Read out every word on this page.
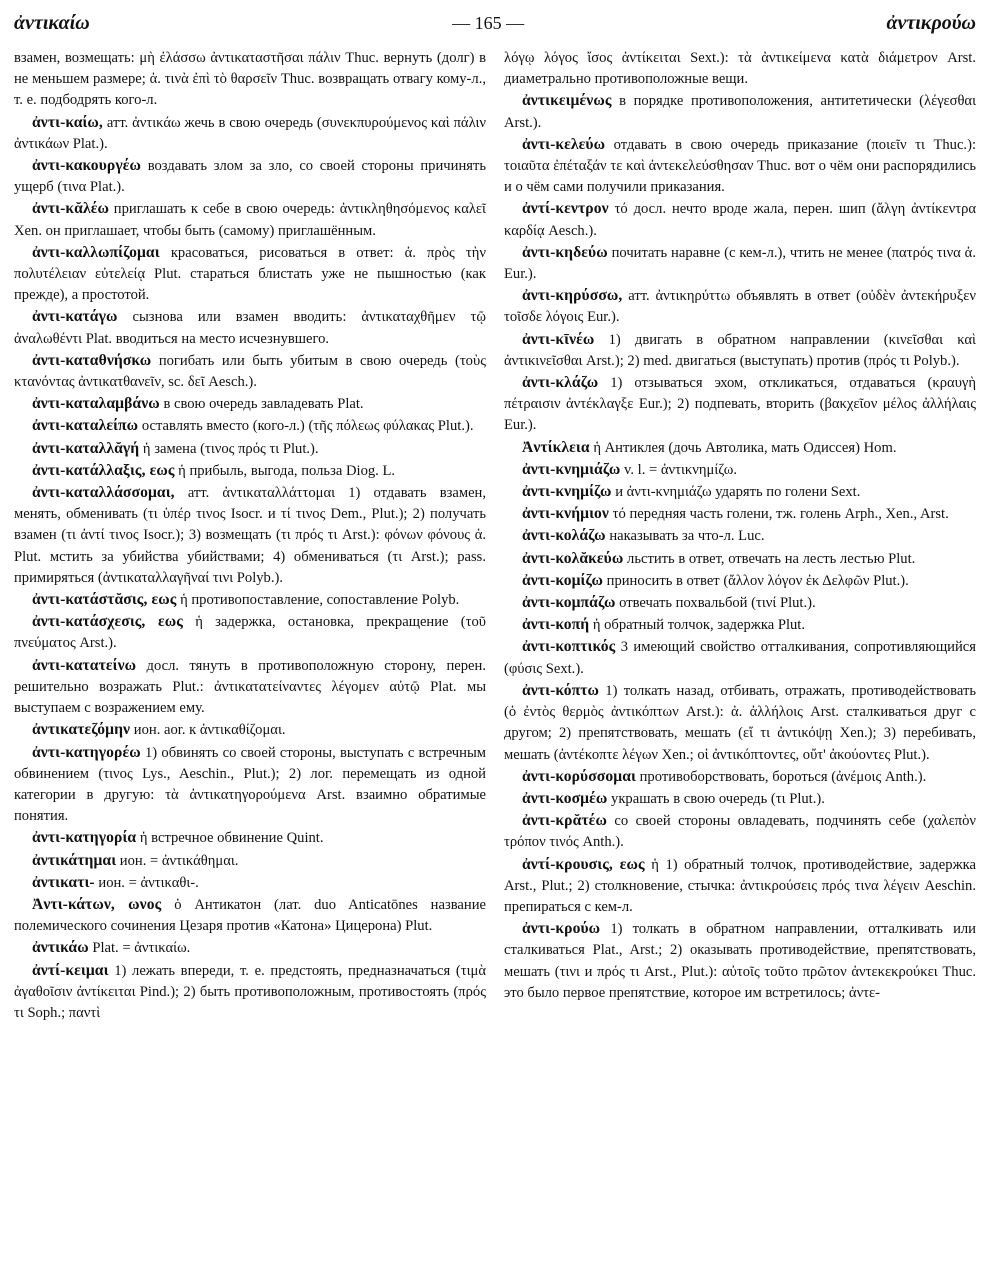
ἀντικαίω	— 165 —	ἀντικρούω

взамен, возмещать: μὴ ἐλάσσω ἀντικαταστῆσαι πάλιν Thuc. вернуть (долг) в не меньшем размере; ἀ. τινὰ ἐπὶ τὸ θαρσεῖν Thuc. возвращать отвагу кому-л., т. е. подбодрять кого-л.

ἀντι-καίω, атт. ἀντικάω жечь в свою очередь (συνεκπυρούμενος καὶ πάλιν ἀντικάων Plat.).

ἀντι-κακουργέω воздавать злом за зло, со своей стороны причинять ущерб (τινα Plat.).

ἀντι-κᾰλέω приглашать к себе в свою очередь: ἀντικληθησόμενος καλεῖ Xen. он приглашает, чтобы быть (самому) приглашённым.

ἀντι-καλλωπίζομαι красоваться, рисоваться в ответ: ἀ. πρὸς τὴν πολυτέλειαν εὐτελείᾳ Plut. стараться блистать уже не пышностью (как прежде), а простотой.

ἀντι-κατάγω сызнова или взамен вводить: ἀντικαταχθῆμεν τῷ ἀναλωθέντι Plat. вводиться на место исчезнувшего.

ἀντι-καταθνήσκω погибать или быть убитым в свою очередь (τοὺς κτανόντας ἀντικατθανεῖν, sc. δεῖ Aesch.).

ἀντι-καταλαμβάνω в свою очередь завладевать Plat.

ἀντι-καταλείπω оставлять вместо (кого-л.) (τῆς πόλεως φύλακας Plut.).

ἀντι-καταλλᾰγή ἡ замена (τινος πρός τι Plut.).

ἀντι-κατάλλαξις, εως ἡ прибыль, выгода, польза Diog. L.

ἀντι-καταλλάσσομαι, атт. ἀντικαταλλάττομαι 1) отдавать взамен, менять, обменивать (τι ὑπέρ τινος Isocr. и τί τινος Dem., Plut.); 2) получать взамен (τι ἀντί τινος Isocr.); 3) возмещать (τι πρός τι Arst.): φόνων φόνους ἀ. Plut. мстить за убийства убийствами; 4) обмениваться (τι Arst.); pass. примиряться (ἀντικαταλλαγῆναί τινι Polyb.).

ἀντι-κατάστᾰσις, εως ἡ противопоставление, сопоставление Polyb.

ἀντι-κατάσχεσις, εως ἡ задержка, остановка, прекращение (τοῦ πνεύματος Arst.).

ἀντι-κατατείνω досл. тянуть в противоположную сторону, перен. решительно возражать Plut.: ἀντικατατείναντες λέγομεν αὐτῷ Plat. мы выступаем с возражением ему.

ἀντικατεζόμην ион. aor. к ἀντικαθίζομαι.

ἀντι-κατηγορέω 1) обвинять со своей стороны, выступать с встречным обвинением (τινος Lys., Aeschin., Plut.); 2) лог. перемещать из одной категории в другую: τὰ ἀντικατηγορούμενα Arst. взаимно обратимые понятия.

ἀντι-κατηγορία ἡ встречное обвинение Quint.

ἀντικάτημαι ион. = ἀντικάθημαι.

ἀντικατι- ион. = ἀντικαθι-.

Ἀντι-κάτων, ωνος ὁ Антикатон (лат. duo Anticatōnes название полемического сочинения Цезаря против «Катона» Цицерона) Plut.

ἀντικάω Plat. = ἀντικαίω.

ἀντί-κειμαι 1) лежать впереди, т. е. предстоять, предназначаться (τιμὰ ἀγαθοῖσιν ἀντίκειται Pind.); 2) быть противоположным, противостоять (πρός τι Soph.; παντὶ

λόγῳ λόγος ἴσος ἀντίκειται Sext.): τὰ ἀντικείμενα κατὰ διάμετρον Arst. диаметрально противоположные вещи.

ἀντικειμένως в порядке противоположения, антитетически (λέγεσθαι Arst.).

ἀντι-κελεύω отдавать в свою очередь приказание (ποιεῖν τι Thuc.): τοιαῦτα ἐπέταξάν τε καὶ ἀντεκελεύσθησαν Thuc. вот о чём они распорядились и о чём сами получили приказания.

ἀντί-κεντρον τό досл. нечто вроде жала, перен. шип (ἄλγη ἀντίκεντρα καρδίᾳ Aesch.).

ἀντι-κηδεύω почитать наравне (с кем-л.), чтить не менее (πατρός τινα ἀ. Eur.).

ἀντι-κηρύσσω, атт. ἀντικηρύττω объявлять в ответ (οὐδὲν ἀντεκήρυξεν τοῖσδε λόγοις Eur.).

ἀντι-κῑνέω 1) двигать в обратном направлении (κινεῖσθαι καὶ ἀντικινεῖσθαι Arst.); 2) med. двигаться (выступать) против (πρός τι Polyb.).

ἀντι-κλάζω 1) отзываться эхом, откликаться, отдаваться (κραυγὴ πέτραισιν ἀντέκλαγξε Eur.); 2) подпевать, вторить (βακχεῖον μέλος ἀλλήλαις Eur.).

Ἀντίκλεια ἡ Антиклея (дочь Автолика, мать Одиссея) Hom.

ἀντι-κνημιάζω v. l. = ἀντικνημίζω.

ἀντι-κνημίζω и ἀντι-κνημιάζω ударять по голени Sext.

ἀντι-κνήμιον τό передняя часть голени, тж. голень Arph., Xen., Arst.

ἀντι-κολάζω наказывать за что-л. Luc.

ἀντι-κολᾰκεύω льстить в ответ, отвечать на лесть лестью Plut.

ἀντι-κομίζω приносить в ответ (ἄλλον λόγον ἐκ Δελφῶν Plut.).

ἀντι-κομπάζω отвечать похвальбой (τινί Plut.).

ἀντι-κοπή ἡ обратный толчок, задержка Plut.

ἀντι-κοπτικός 3 имеющий свойство отталкивания, сопротивляющийся (φύσις Sext.).

ἀντι-κόπτω 1) толкать назад, отбивать, отражать, противодействовать (ὁ ἐντὸς θερμὸς ἀντικόπτων Arst.): ἀ. ἀλλήλοις Arst. сталкиваться друг с другом; 2) препятствовать, мешать (εἴ τι ἀντικόψῃ Xen.); 3) перебивать, мешать (ἀντέκοπτε λέγων Xen.; οἱ ἀντικόπτοντες, οὔτ' ἀκούοντες Plut.).

ἀντι-κορύσσομαι противоборствовать, бороться (ἀνέμοις Anth.).

ἀντι-κοσμέω украшать в свою очередь (τι Plut.).

ἀντι-κρᾰτέω со своей стороны овладевать, подчинять себе (χαλεπὸν τρόπον τινός Anth.).

ἀντί-κρουσις, εως ἡ 1) обратный толчок, противодействие, задержка Arst., Plut.; 2) столкновение, стычка: ἀντικρούσεις πρός τινα λέγειν Aeschin. препираться с кем-л.

ἀντι-κρούω 1) толкать в обратном направлении, отталкивать или сталкиваться Plat., Arst.; 2) оказывать противодействие, препятствовать, мешать (τινι и πρός τι Arst., Plut.): αὐτοῖς τοῦτο πρῶτον ἀντεκεκρούκει Thuc. это было первое препятствие, которое им встретилось; ἀντε-
